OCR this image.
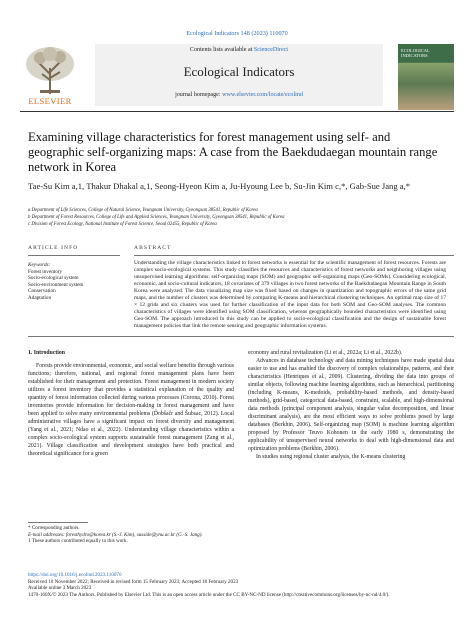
Ecological Indicators 148 (2023) 110070
Contents lists available at ScienceDirect
Ecological Indicators
journal homepage: www.elsevier.com/locate/ecolind
ELSEVIER
ECOLOGICAL INDICATORS
Examining village characteristics for forest management using self- and geographic self-organizing maps: A case from the Baekdudaegan mountain range network in Korea
Tae-Su Kim a,1, Thakur Dhakal a,1, Seong-Hyeon Kim a, Ju-Hyoung Lee b, Su-Jin Kim c,*, Gab-Sue Jang a,*
a Department of Life Sciences, College of Natural Science, Yeungnam University, Gyeongsan 38541, Republic of Korea
b Department of Forest Resources, College of Life and Applied Sciences, Yeungnam University, Gyeongsan 38541, Republic of Korea
c Division of Forest Ecology, National Institute of Forest Science, Seoul 02455, Republic of Korea
ARTICLE INFO
Keywords:
Forest inventory
Socio-ecological system
Socio-environment system
Conservation
Adaptation
ABSTRACT
Understanding the village characteristics linked to forest networks is essential for the scientific management of forest resources. Forests are complex socio-ecological systems. This study classifies the resources and characteristics of forest networks and neighboring villages using unsupervised learning algorithms: self-organizing maps (SOM) and geographic self-organizing maps (Geo-SOMs). Considering ecological, economic, and socio-cultural indicators, 18 covariates of 379 villages in two forest networks of the Baekdudaegan Mountain Range in South Korea were analyzed. The data visualizing map size was fixed based on changes in quantization and topographic errors of the same grid maps, and the number of clusters was determined by comparing K-means and hierarchical clustering techniques. An optimal map size of 17 × 12 grids and six clusters was used for further classification of the input data for both SOM and Geo-SOM analyses. The common characteristics of villages were identified using SOM classification, whereas geographically bounded characteristics were identified using Geo-SOM. The approach introduced in this study can be applied to socio-ecological classification and the design of sustainable forest management policies that link the remote sensing and geographic information systems.

1. Introduction

Forests provide environmental, economic, and social welfare benefits through various functions; therefore, national, and regional forest management plans have been established for their management and protection. Forest management in modern society utilizes a forest inventory that provides a statistical explanation of the quality and quantity of forest information collected during various processes (Corona, 2010). Forest inventories provide information for decision-making in forest management and have been applied to solve many environmental problems (Ďobšačr and Šubsac, 2012). Local administrative villages have a significant impact on forest diversity and management (Yang et al., 2021; Ndao et al., 2022). Understanding village characteristics within a complex socio-ecological system supports sustainable forest management (Zang et al., 2021). Village classification and development strategies have both practical and theoretical significance for a green

economy and rural revitalization (Li et al., 2022a; Li et al., 2022b).

Advances in database technology and data mining techniques have made spatial data easier to use and has enabled the discovery of complex relationships, patterns, and their characteristics (Henriques et al., 2009). Clustering, dividing the data into groups of similar objects, following machine learning algorithms, such as hierarchical, partitioning (including K-means, K-medoids, probability-based methods, and density-based methods), grid-based, categorical data-based, constraint, scalable, and high-dimensional data methods (principal component analysis, singular value decomposition, and linear discriminant analysis), are the most efficient ways to solve problems posed by large databases (Berkhin, 2006). Self-organizing map (SOM) is machine learning algorithm proposed by Professor Teuvo Kohonen in the early 1980 s, demonstrating the applicability of unsupervised neural networks to deal with high-dimensional data and optimization problems (Berkhin, 2006).

In studies using regional cluster analysis, the K-means clustering

* Corresponding authors.
E-mail addresses: foresthydro@korea.kr (S.-J. Kim), susside@ynu.ac.kr (G.-S. Jang).
1 These authors contributed equally to this work.
https://doi.org/10.1016/j.ecolind.2023.110070
Received 10 November 2022; Received in revised form 15 February 2023; Accepted 18 February 2023
Available online 3 March 2023
1470-160X/© 2023 The Authors. Published by Elsevier Ltd. This is an open access article under the CC BY-NC-ND license (http://creativecommons.org/licenses/by-nc-nd/4.0/).
